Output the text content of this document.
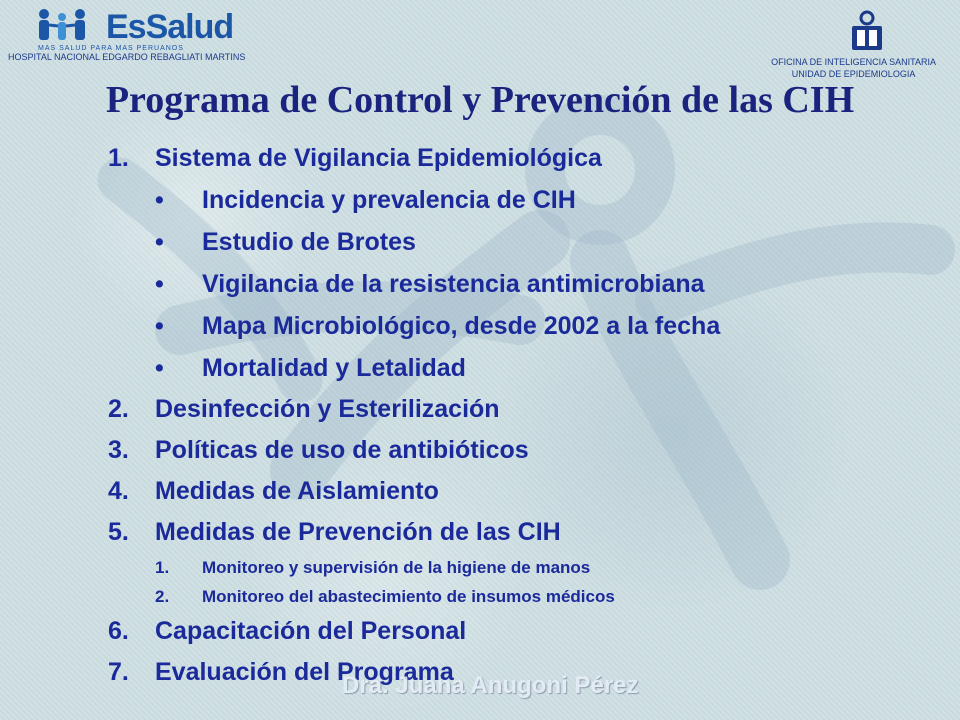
EsSalud
MAS SALUD PARA MAS PERUANOS
HOSPITAL NACIONAL EDGARDO REBAGLIATI MARTINS	OFICINA DE INTELIGENCIA SANITARIA
UNIDAD DE EPIDEMIOLOGIA
Programa de Control y Prevención de las CIH
1. Sistema de Vigilancia Epidemiológica
• Incidencia y prevalencia de CIH
• Estudio de Brotes
• Vigilancia de la resistencia antimicrobiana
• Mapa Microbiológico, desde 2002 a la fecha
• Mortalidad y Letalidad
2. Desinfección y Esterilización
3. Políticas de uso de antibióticos
4. Medidas de Aislamiento
5. Medidas de Prevención de las CIH
1. Monitoreo y supervisión de la higiene de manos
2. Monitoreo del abastecimiento de insumos médicos
6. Capacitación del Personal
7. Evaluación del Programa
Dra. Juana Anugoni Pérez
